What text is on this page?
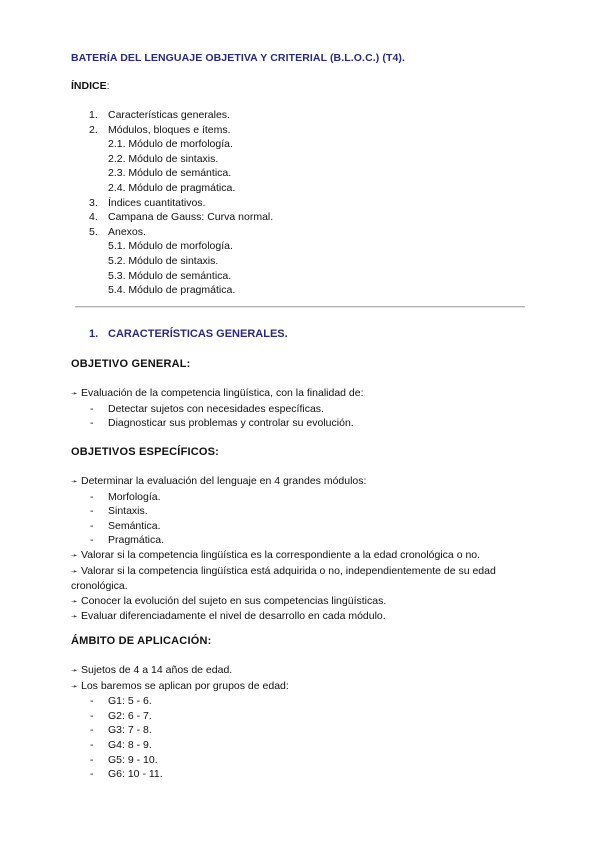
BATERÍA DEL LENGUAJE OBJETIVA Y CRITERIAL (B.L.O.C.) (T4).
ÍNDICE:
1. Características generales.
2. Módulos, bloques e ítems.
2.1. Módulo de morfología.
2.2. Módulo de sintaxis.
2.3. Módulo de semántica.
2.4. Módulo de pragmática.
3. Índices cuantitativos.
4. Campana de Gauss: Curva normal.
5. Anexos.
5.1. Módulo de morfología.
5.2. Módulo de sintaxis.
5.3. Módulo de semántica.
5.4. Módulo de pragmática.
1. CARACTERÍSTICAS GENERALES.
OBJETIVO GENERAL:
➛ Evaluación de la competencia lingüística, con la finalidad de:
- Detectar sujetos con necesidades específicas.
- Diagnosticar sus problemas y controlar su evolución.
OBJETIVOS ESPECÍFICOS:
➛ Determinar la evaluación del lenguaje en 4 grandes módulos:
- Morfología.
- Sintaxis.
- Semántica.
- Pragmática.
➛ Valorar si la competencia lingüística es la correspondiente a la edad cronológica o no.
➛ Valorar si la competencia lingüística está adquirida o no, independientemente de su edad cronológica.
➛ Conocer la evolución del sujeto en sus competencias lingüísticas.
➛ Evaluar diferenciadamente el nivel de desarrollo en cada módulo.
ÁMBITO DE APLICACIÓN:
➛ Sujetos de 4 a 14 años de edad.
➛ Los baremos se aplican por grupos de edad:
- G1: 5 - 6.
- G2: 6 - 7.
- G3: 7 - 8.
- G4: 8 - 9.
- G5: 9 - 10.
- G6: 10 - 11.
